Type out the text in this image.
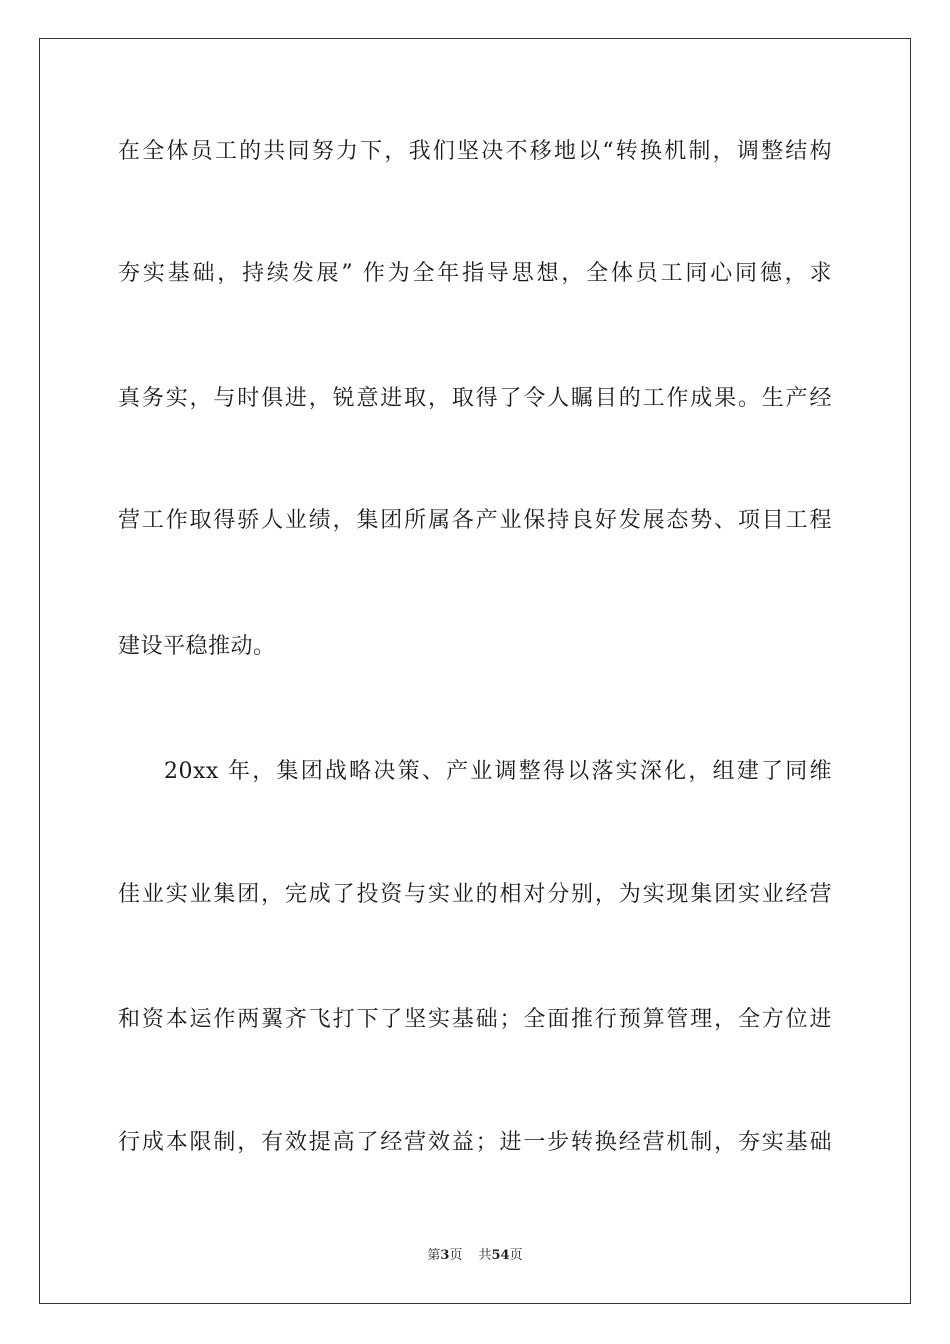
在全体员工的共同努力下，我们坚决不移地以“转换机制，调整结构
夯实基础，持续发展” 作为全年指导思想，全体员工同心同德，求
真务实，与时俱进，锐意进取，取得了令人瞩目的工作成果。生产经
营工作取得骄人业绩，集团所属各产业保持良好发展态势、项目工程
建设平稳推动。
20xx 年，集团战略决策、产业调整得以落实深化，组建了同维
佳业实业集团，完成了投资与实业的相对分别，为实现集团实业经营
和资本运作两翼齐飞打下了坚实基础；全面推行预算管理，全方位进
行成本限制，有效提高了经营效益；进一步转换经营机制，夯实基础
第3页 共54页
